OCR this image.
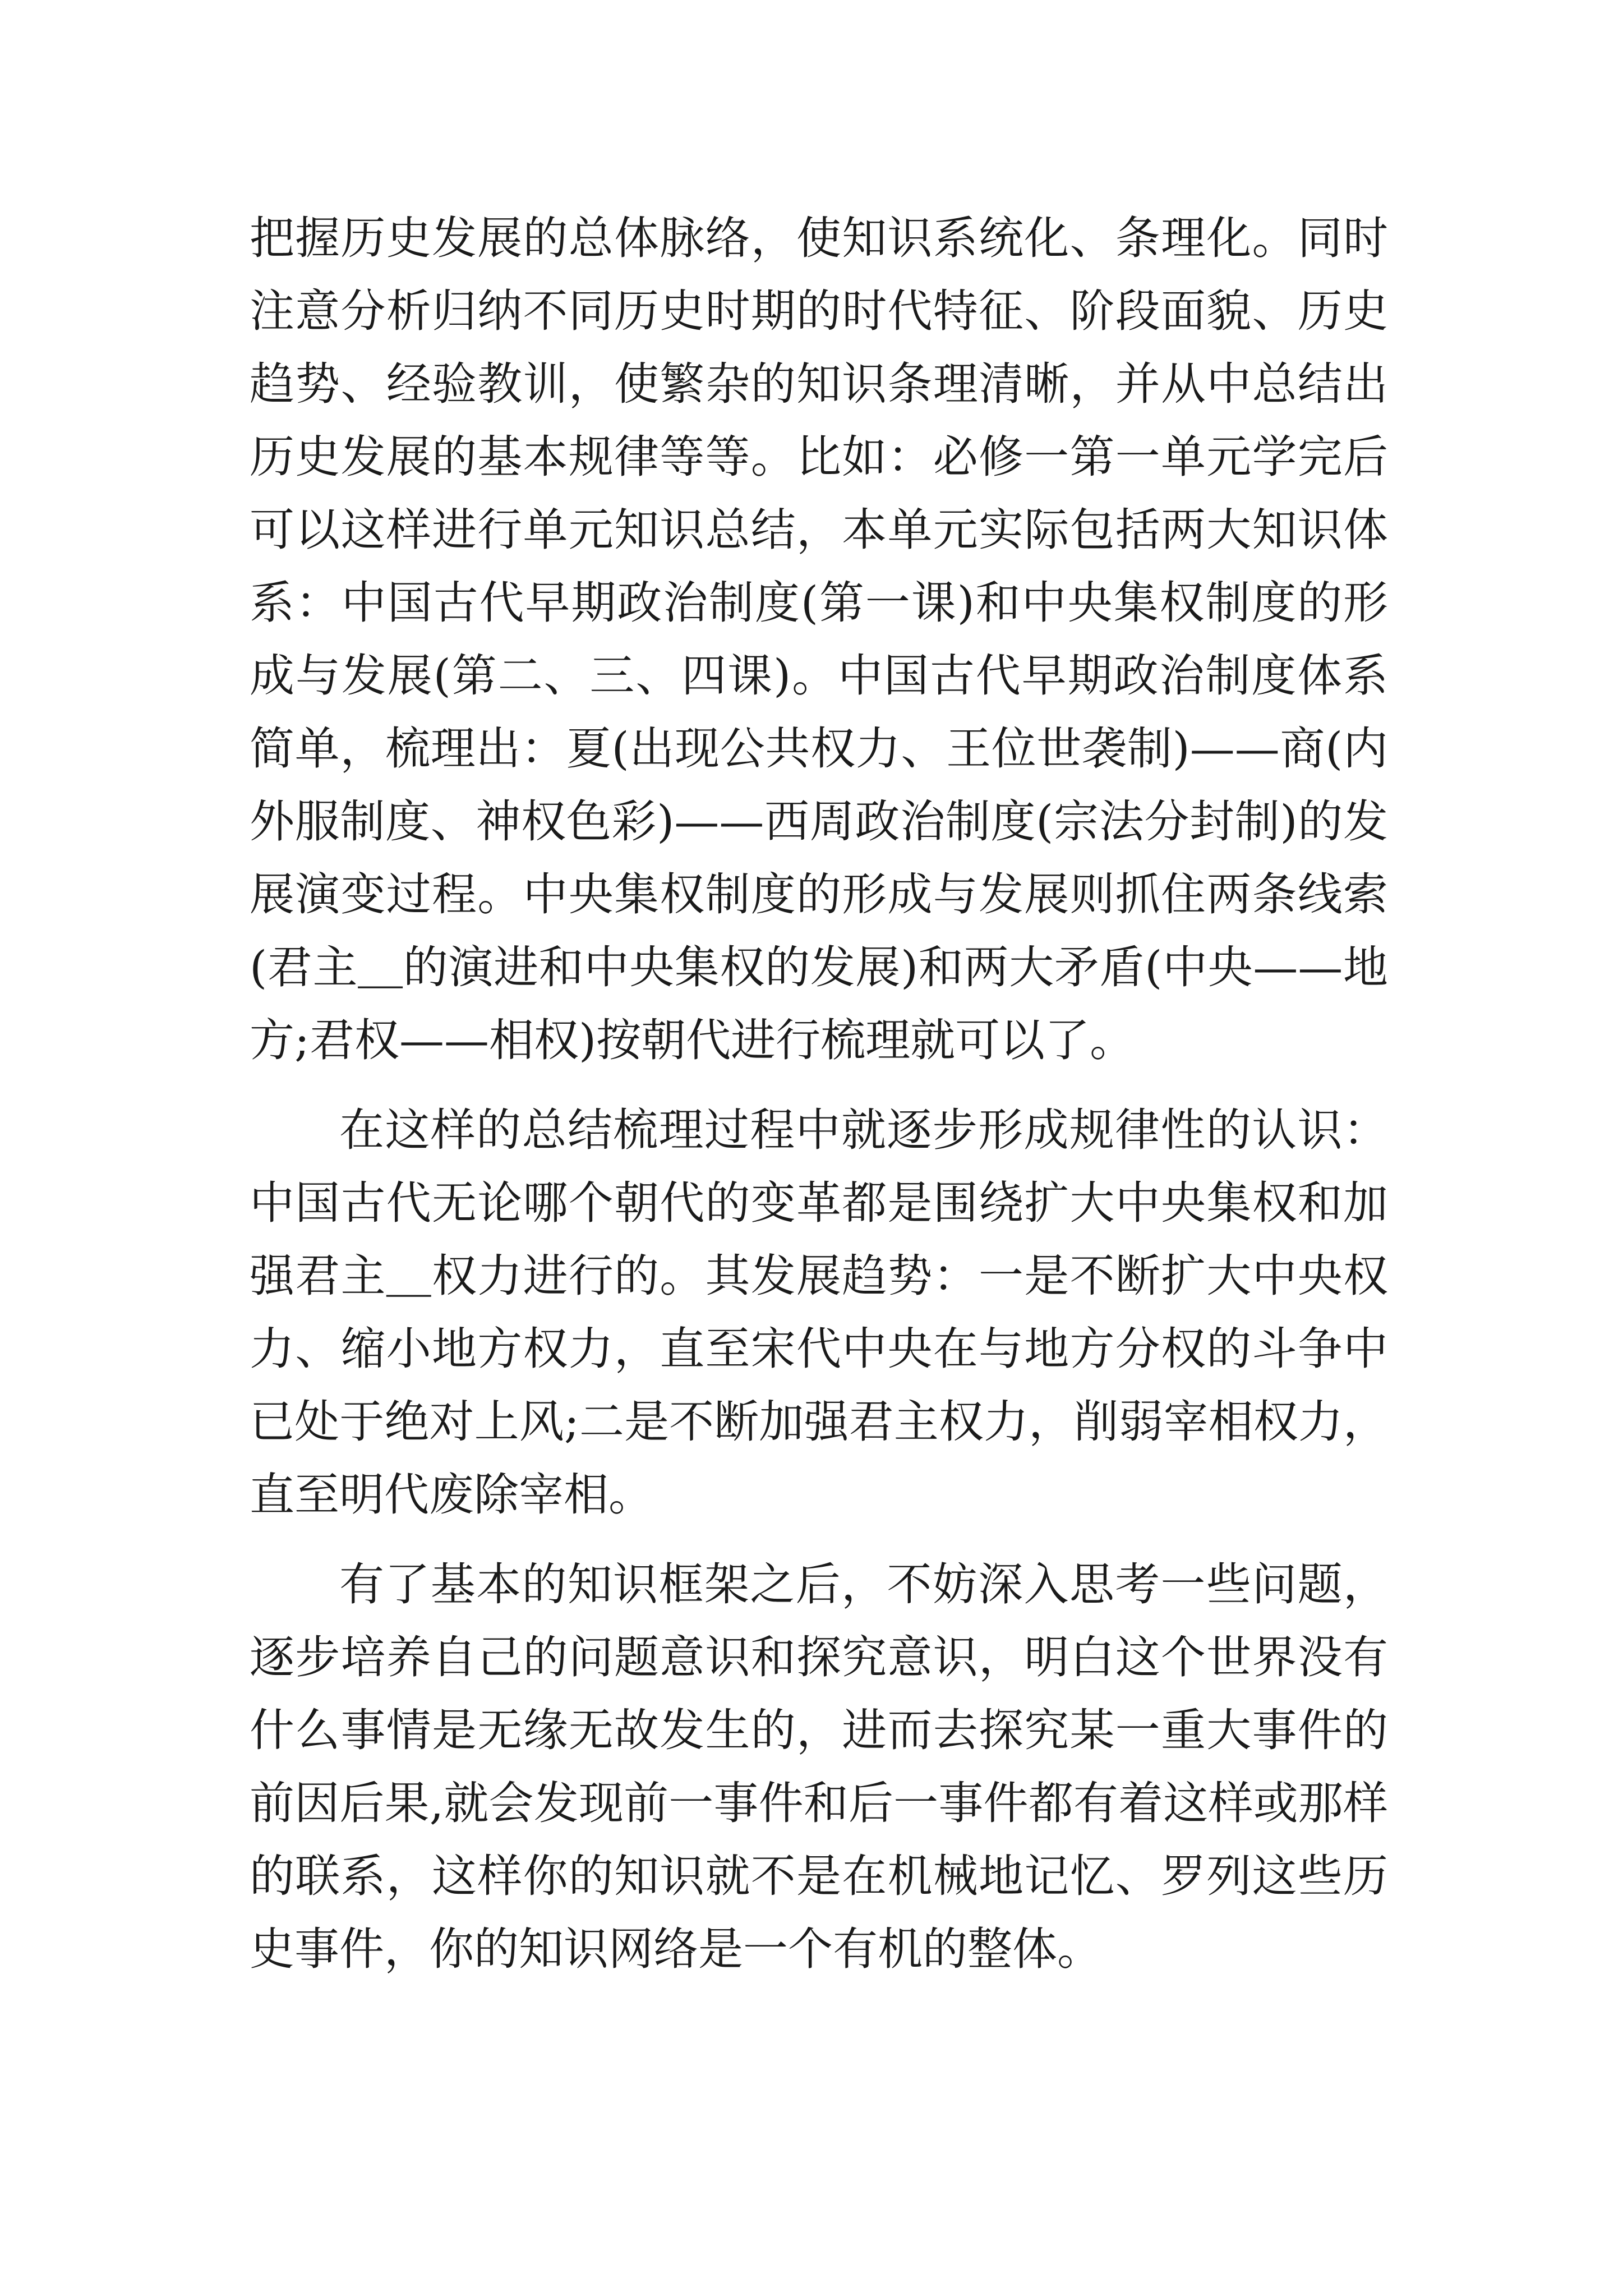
把握历史发展的总体脉络，使知识系统化、条理化。同时注意分析归纳不同历史时期的时代特征、阶段面貌、历史趋势、经验教训，使繁杂的知识条理清晰，并从中总结出历史发展的基本规律等等。比如：必修一第一单元学完后可以这样进行单元知识总结，本单元实际包括两大知识体系：中国古代早期政治制度(第一课)和中央集权制度的形成与发展(第二、三、四课)。中国古代早期政治制度体系简单，梳理出：夏(出现公共权力、王位世袭制)——商(内外服制度、神权色彩)——西周政治制度(宗法分封制)的发展演变过程。中央集权制度的形成与发展则抓住两条线索(君主＿的演进和中央集权的发展)和两大矛盾(中央——地方;君权——相权)按朝代进行梳理就可以了。

在这样的总结梳理过程中就逐步形成规律性的认识：中国古代无论哪个朝代的变革都是围绕扩大中央集权和加强君主＿权力进行的。其发展趋势：一是不断扩大中央权力、缩小地方权力，直至宋代中央在与地方分权的斗争中已处于绝对上风;二是不断加强君主权力，削弱宰相权力，直至明代废除宰相。

有了基本的知识框架之后，不妨深入思考一些问题，逐步培养自己的问题意识和探究意识，明白这个世界没有什么事情是无缘无故发生的，进而去探究某一重大事件的前因后果,就会发现前一事件和后一事件都有着这样或那样的联系，这样你的知识就不是在机械地记忆、罗列这些历史事件，你的知识网络是一个有机的整体。
